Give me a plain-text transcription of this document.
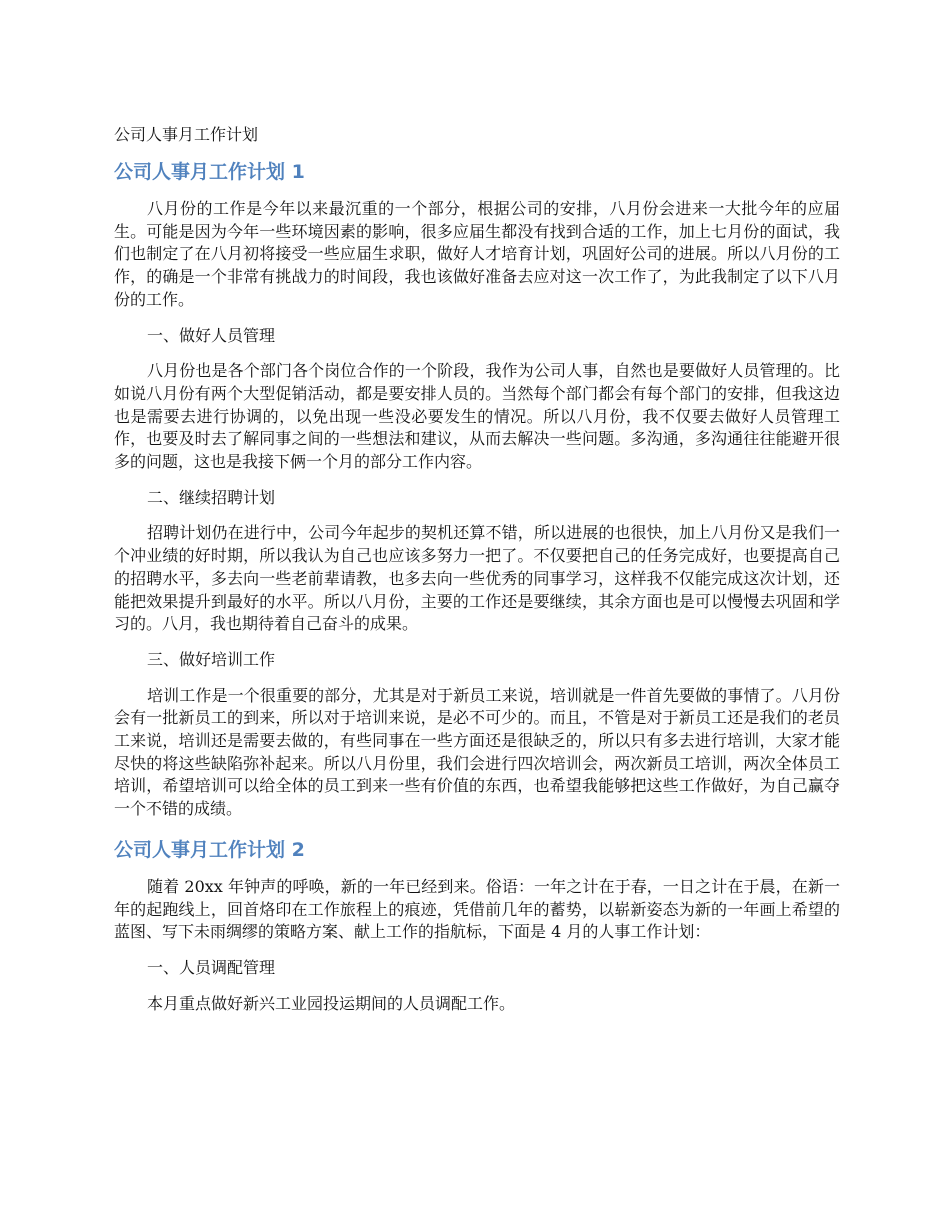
公司人事月工作计划
公司人事月工作计划 1

八月份的工作是今年以来最沉重的一个部分，根据公司的安排，八月份会进来一大批今年的应届生。可能是因为今年一些环境因素的影响，很多应届生都没有找到合适的工作，加上七月份的面试，我们也制定了在八月初将接受一些应届生求职，做好人才培育计划，巩固好公司的进展。所以八月份的工作，的确是一个非常有挑战力的时间段，我也该做好准备去应对这一次工作了，为此我制定了以下八月份的工作。

一、做好人员管理

八月份也是各个部门各个岗位合作的一个阶段，我作为公司人事，自然也是要做好人员管理的。比如说八月份有两个大型促销活动，都是要安排人员的。当然每个部门都会有每个部门的安排，但我这边也是需要去进行协调的，以免出现一些没必要发生的情况。所以八月份，我不仅要去做好人员管理工作，也要及时去了解同事之间的一些想法和建议，从而去解决一些问题。多沟通，多沟通往往能避开很多的问题，这也是我接下俩一个月的部分工作内容。

二、继续招聘计划

招聘计划仍在进行中，公司今年起步的契机还算不错，所以进展的也很快，加上八月份又是我们一个冲业绩的好时期，所以我认为自己也应该多努力一把了。不仅要把自己的任务完成好，也要提高自己的招聘水平，多去向一些老前辈请教，也多去向一些优秀的同事学习，这样我不仅能完成这次计划，还能把效果提升到最好的水平。所以八月份，主要的工作还是要继续，其余方面也是可以慢慢去巩固和学习的。八月，我也期待着自己奋斗的成果。

三、做好培训工作

培训工作是一个很重要的部分，尤其是对于新员工来说，培训就是一件首先要做的事情了。八月份会有一批新员工的到来，所以对于培训来说，是必不可少的。而且，不管是对于新员工还是我们的老员工来说，培训还是需要去做的，有些同事在一些方面还是很缺乏的，所以只有多去进行培训，大家才能尽快的将这些缺陷弥补起来。所以八月份里，我们会进行四次培训会，两次新员工培训，两次全体员工培训，希望培训可以给全体的员工到来一些有价值的东西，也希望我能够把这些工作做好，为自己赢夺一个不错的成绩。

公司人事月工作计划 2

随着 20xx 年钟声的呼唤，新的一年已经到来。俗语：一年之计在于春，一日之计在于晨，在新一年的起跑线上，回首烙印在工作旅程上的痕迹，凭借前几年的蓄势，以崭新姿态为新的一年画上希望的蓝图、写下未雨绸缪的策略方案、献上工作的指航标，下面是 4 月的人事工作计划：

一、人员调配管理

本月重点做好新兴工业园投运期间的人员调配工作。
